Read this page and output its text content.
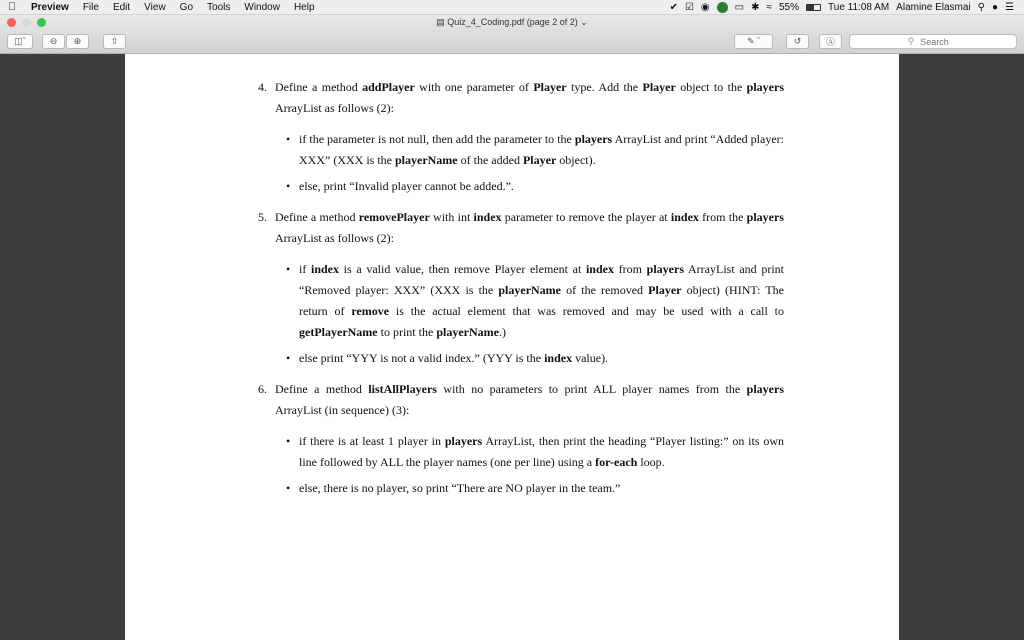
Preview	File	Edit	View	Go	Tools	Window	Help	✔ ☑ ◉	▭ ✱ ≈ 55%	Tue 11:08 AM Alamine Elasmai ⚲ ● ☰
▤ Quiz_4_Coding.pdf (page 2 of 2) ⌄
◫ˇ	⊖ ⊕	⇧	✎ ˇ	↺	Ⓐ	⚲
Search
4. Define a method addPlayer with one parameter of Player type. Add the Player object to the players ArrayList as follows (2):
• if the parameter is not null, then add the parameter to the players ArrayList and print “Added player: XXX” (XXX is the playerName of the added Player object).
• else, print “Invalid player cannot be added.”.
5. Define a method removePlayer with int index parameter to remove the player at index from the players ArrayList as follows (2):
• if index is a valid value, then remove Player element at index from players ArrayList and print “Removed player: XXX” (XXX is the playerName of the removed Player object) (HINT: The return of remove is the actual element that was removed and may be used with a call to getPlayerName to print the playerName.)
• else print “YYY is not a valid index.” (YYY is the index value).
6. Define a method listAllPlayers with no parameters to print ALL player names from the players ArrayList (in sequence) (3):
• if there is at least 1 player in players ArrayList, then print the heading “Player listing:” on its own line followed by ALL the player names (one per line) using a for-each loop.
• else, there is no player, so print “There are NO player in the team.”
